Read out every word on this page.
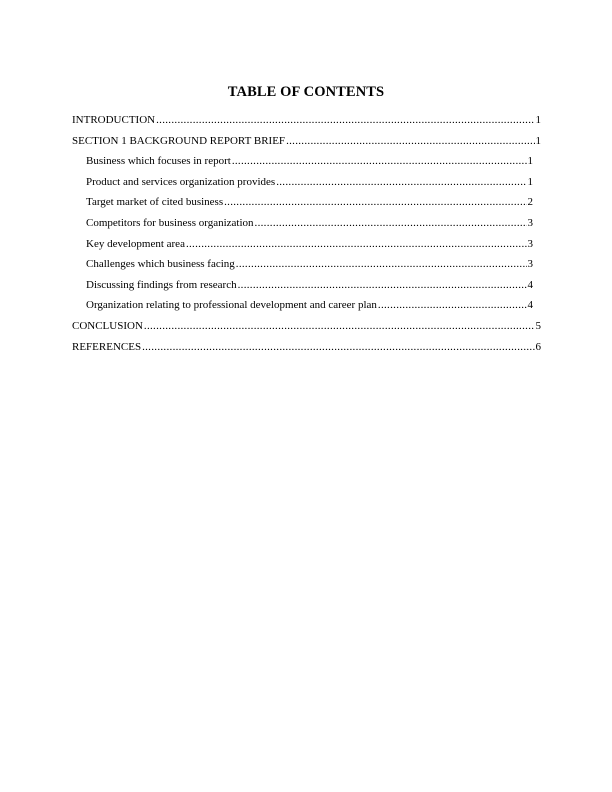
TABLE OF CONTENTS
INTRODUCTION .....	1
SECTION 1 BACKGROUND REPORT BRIEF .....	1
Business which focuses in report .....	1
Product and services organization provides .....	1
Target market of cited business .....	2
Competitors for business organization .....	3
Key development area .....	3
Challenges which business facing .....	3
Discussing findings from research .....	4
Organization relating to professional development and career plan .....	4
CONCLUSION .....	5
REFERENCES .....	6
